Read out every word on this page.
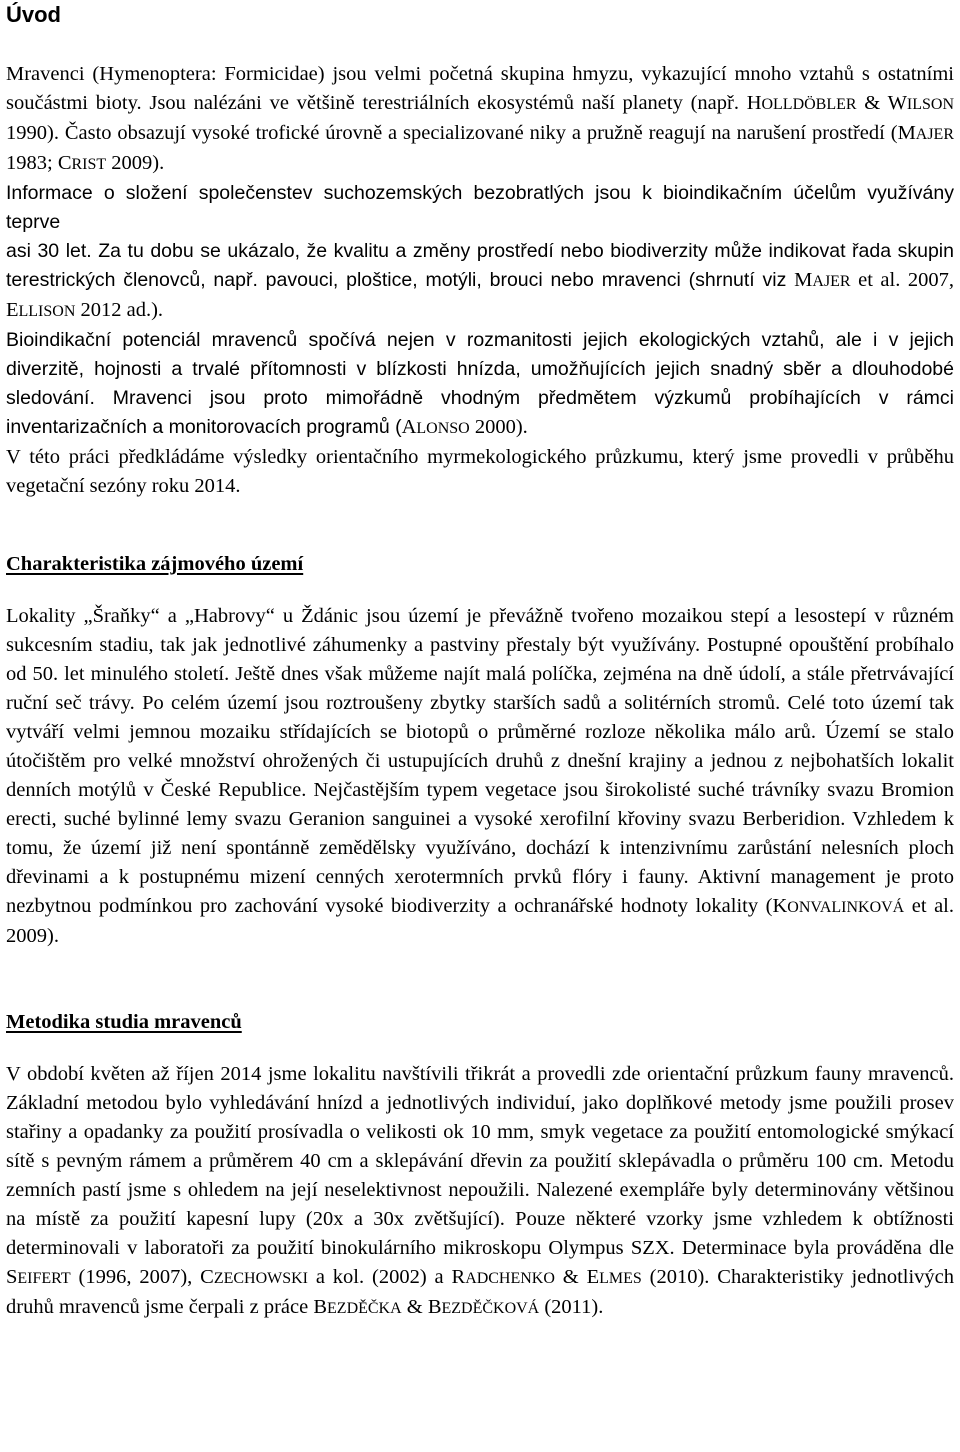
Úvod

Mravenci (Hymenoptera: Formicidae) jsou velmi početná skupina hmyzu, vykazující mnoho vztahů s ostatními součástmi bioty. Jsou nalézáni ve většině terestriálních ekosystémů naší planety (např. HOLLDÖBLER & WILSON 1990). Často obsazují vysoké trofické úrovně a specializované niky a pružně reagují na narušení prostředí (MAJER 1983; CRIST 2009).

Informace o složení společenstev suchozemských bezobratlých jsou k bioindikačním účelům využívány teprve

asi 30 let. Za tu dobu se ukázalo, že kvalitu a změny prostředí nebo biodiverzity může indikovat řada skupin terestrických členovců, např. pavouci, ploštice, motýli, brouci nebo mravenci (shrnutí viz MAJER et al. 2007, ELLISON 2012 ad.).

Bioindikační potenciál mravenců spočívá nejen v rozmanitosti jejich ekologických vztahů, ale i v jejich diverzitě, hojnosti a trvalé přítomnosti v blízkosti hnízda, umožňujících jejich snadný sběr a dlouhodobé sledování. Mravenci jsou proto mimořádně vhodným předmětem výzkumů probíhajících v rámci inventarizačních a monitorovacích programů (ALONSO 2000).

V této práci předkládáme výsledky orientačního myrmekologického průzkumu, který jsme provedli v průběhu vegetační sezóny roku 2014.

Charakteristika zájmového území

Lokality „Šraňky“ a „Habrovy“ u Ždánic jsou území je převážně tvořeno mozaikou stepí a lesostepí v různém sukcesním stadiu, tak jak jednotlivé záhumenky a pastviny přestaly být využívány. Postupné opouštění probíhalo od 50. let minulého století. Ještě dnes však můžeme najít malá políčka, zejména na dně údolí, a stále přetrvávající ruční seč trávy. Po celém území jsou roztroušeny zbytky starších sadů a solitérních stromů. Celé toto území tak vytváří velmi jemnou mozaiku střídajících se biotopů o průměrné rozloze několika málo arů. Území se stalo útočištěm pro velké množství ohrožených či ustupujících druhů z dnešní krajiny a jednou z nejbohatších lokalit denních motýlů v České Republice. Nejčastějším typem vegetace jsou širokolisté suché trávníky svazu Bromion erecti, suché bylinné lemy svazu Geranion sanguinei a vysoké xerofilní křoviny svazu Berberidion. Vzhledem k tomu, že území již není spontánně zemědělsky využíváno, dochází k intenzivnímu zarůstání nelesních ploch dřevinami a k postupnému mizení cenných xerotermních prvků flóry i fauny. Aktivní management je proto nezbytnou podmínkou pro zachování vysoké biodiverzity a ochranářské hodnoty lokality (KONVALINKOVÁ et al. 2009).

Metodika studia mravenců

V období květen až říjen 2014 jsme lokalitu navštívili třikrát a provedli zde orientační průzkum fauny mravenců. Základní metodou bylo vyhledávání hnízd a jednotlivých individuí, jako doplňkové metody jsme použili prosev stařiny a opadanky za použití prosívadla o velikosti ok 10 mm, smyk vegetace za použití entomologické smýkací sítě s pevným rámem a průměrem 40 cm a sklepávání dřevin za použití sklepávadla o průměru 100 cm. Metodu zemních pastí jsme s ohledem na její neselektivnost nepoužili. Nalezené exempláře byly determinovány většinou na místě za použití kapesní lupy (20x a 30x zvětšující). Pouze některé vzorky jsme vzhledem k obtížnosti determinovali v laboratoři za použití binokulárního mikroskopu Olympus SZX. Determinace byla prováděna dle SEIFERT (1996, 2007), CZECHOWSKI a kol. (2002) a RADCHENKO & ELMES (2010). Charakteristiky jednotlivých druhů mravenců jsme čerpali z práce BEZDĚČKA & BEZDĚČKOVÁ (2011).
